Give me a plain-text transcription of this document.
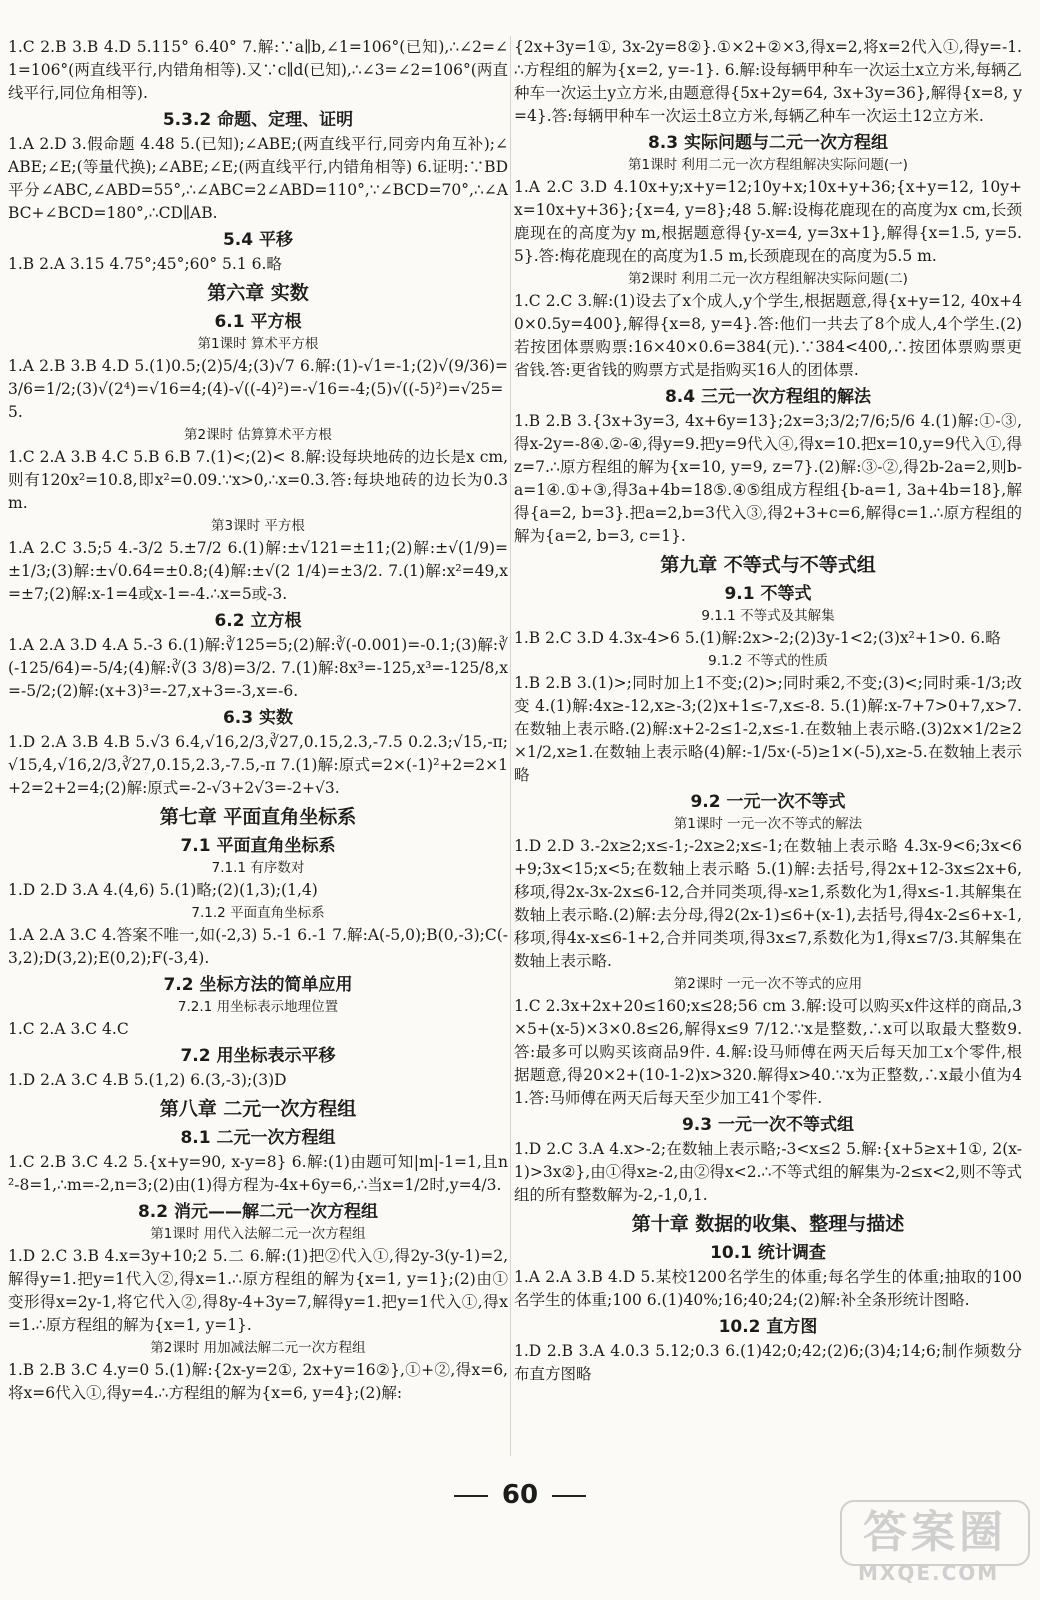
1.C 2.B 3.B 4.D 5.115° 6.40° 7.解:∵a∥b,∠1=106°(已知),∴∠2=∠1=106°(两直线平行,内错角相等).又∵c∥d(已知),∴∠3=∠2=106°(两直线平行,同位角相等).
5.3.2 命题、定理、证明
1.A 2.D 3.假命题 4.48 5.(已知);∠ABE;(两直线平行,同旁内角互补);∠ABE;∠E;(等量代换);∠ABE;∠E;(两直线平行,内错角相等) 6.证明:∵BD平分∠ABC,∠ABD=55°,∴∠ABC=2∠ABD=110°,∵∠BCD=70°,∴∠ABC+∠BCD=180°,∴CD∥AB.
5.4 平移
1.B 2.A 3.15 4.75°;45°;60° 5.1 6.略
第六章 实数
6.1 平方根
第1课时 算术平方根
1.A 2.B 3.B 4.D 5.(1)0.5;(2)5/4;(3)√7 6.解:(1)-√1=-1;(2)√(9/36)=3/6=1/2;(3)√(2⁴)=√16=4;(4)-√((-4)²)=-√16=-4;(5)√((-5)²)=√25=5.
第2课时 估算算术平方根
1.C 2.A 3.B 4.C 5.B 6.B 7.(1)<;(2)< 8.解:设每块地砖的边长是x cm,则有120x²=10.8,即x²=0.09.∵x>0,∴x=0.3.答:每块地砖的边长为0.3 m.
第3课时 平方根
1.A 2.C 3.5;5 4.-3/2 5.±7/2 6.(1)解:±√121=±11;(2)解:±√(1/9)=±1/3;(3)解:±√0.64=±0.8;(4)解:±√(2 1/4)=±3/2. 7.(1)解:x²=49,x=±7;(2)解:x-1=4或x-1=-4.∴x=5或-3.
6.2 立方根
1.A 2.A 3.D 4.A 5.-3 6.(1)解:∛125=5;(2)解:∛(-0.001)=-0.1;(3)解:∛(-125/64)=-5/4;(4)解:∛(3 3/8)=3/2. 7.(1)解:8x³=-125,x³=-125/8,x=-5/2;(2)解:(x+3)³=-27,x+3=-3,x=-6.
6.3 实数
1.D 2.A 3.B 4.B 5.√3 6.4,√16,2/3,∛27,0.15,2.3,-7.5 0.2.3;√15,-π;√15,4,√16,2/3,∛27,0.15,2.3,-7.5,-π 7.(1)解:原式=2×(-1)²+2=2×1+2=2+2=4;(2)解:原式=-2-√3+2√3=-2+√3.
第七章 平面直角坐标系
7.1 平面直角坐标系
7.1.1 有序数对
1.D 2.D 3.A 4.(4,6) 5.(1)略;(2)(1,3);(1,4)
7.1.2 平面直角坐标系
1.A 2.A 3.C 4.答案不唯一,如(-2,3) 5.-1 6.-1 7.解:A(-5,0);B(0,-3);C(-3,2);D(3,2);E(0,2);F(-3,4).
7.2 坐标方法的简单应用
7.2.1 用坐标表示地理位置
1.C 2.A 3.C 4.C
7.2 用坐标表示平移
1.D 2.A 3.C 4.B 5.(1,2) 6.(3,-3);(3)D
第八章 二元一次方程组
8.1 二元一次方程组
1.C 2.B 3.C 4.2 5.{x+y=90, x-y=8} 6.解:(1)由题可知|m|-1=1,且n²-8=1,∴m=-2,n=3;(2)由(1)得方程为-4x+6y=6,∴当x=1/2时,y=4/3.
8.2 消元——解二元一次方程组
第1课时 用代入法解二元一次方程组
1.D 2.C 3.B 4.x=3y+10;2 5.二 6.解:(1)把②代入①,得2y-3(y-1)=2,解得y=1.把y=1代入②,得x=1.∴原方程组的解为{x=1, y=1};(2)由①变形得x=2y-1,将它代入②,得8y-4+3y=7,解得y=1.把y=1代入①,得x=1.∴原方程组的解为{x=1, y=1}.
第2课时 用加减法解二元一次方程组
1.B 2.B 3.C 4.y=0 5.(1)解:{2x-y=2①, 2x+y=16②},①+②,得x=6,将x=6代入①,得y=4.∴方程组的解为{x=6, y=4};(2)解:
{2x+3y=1①, 3x-2y=8②}.①×2+②×3,得x=2,将x=2代入①,得y=-1.∴方程组的解为{x=2, y=-1}. 6.解:设每辆甲种车一次运土x立方米,每辆乙种车一次运土y立方米,由题意得{5x+2y=64, 3x+3y=36},解得{x=8, y=4}.答:每辆甲种车一次运土8立方米,每辆乙种车一次运土12立方米.
8.3 实际问题与二元一次方程组
第1课时 利用二元一次方程组解决实际问题(一)
1.A 2.C 3.D 4.10x+y;x+y=12;10y+x;10x+y+36;{x+y=12, 10y+x=10x+y+36};{x=4, y=8};48 5.解:设梅花鹿现在的高度为x cm,长颈鹿现在的高度为y m,根据题意得{y-x=4, y=3x+1},解得{x=1.5, y=5.5}.答:梅花鹿现在的高度为1.5 m,长颈鹿现在的高度为5.5 m.
第2课时 利用二元一次方程组解决实际问题(二)
1.C 2.C 3.解:(1)设去了x个成人,y个学生,根据题意,得{x+y=12, 40x+40×0.5y=400},解得{x=8, y=4}.答:他们一共去了8个成人,4个学生.(2)若按团体票购票:16×40×0.6=384(元).∵384<400,∴按团体票购票更省钱.答:更省钱的购票方式是指购买16人的团体票.
8.4 三元一次方程组的解法
1.B 2.B 3.{3x+3y=3, 4x+6y=13};2x=3;3/2;7/6;5/6 4.(1)解:①-③,得x-2y=-8④.②-④,得y=9.把y=9代入④,得x=10.把x=10,y=9代入①,得z=7.∴原方程组的解为{x=10, y=9, z=7}.(2)解:③-②,得2b-2a=2,则b-a=1④.①+③,得3a+4b=18⑤.④⑤组成方程组{b-a=1, 3a+4b=18},解得{a=2, b=3}.把a=2,b=3代入③,得2+3+c=6,解得c=1.∴原方程组的解为{a=2, b=3, c=1}.
第九章 不等式与不等式组
9.1 不等式
9.1.1 不等式及其解集
1.B 2.C 3.D 4.3x-4>6 5.(1)解:2x>-2;(2)3y-1<2;(3)x²+1>0. 6.略
9.1.2 不等式的性质
1.B 2.B 3.(1)>;同时加上1不变;(2)>;同时乘2,不变;(3)<;同时乘-1/3;改变 4.(1)解:4x≥-12,x≥-3;(2)x+1≤-7,x≤-8. 5.(1)解:x-7+7>0+7,x>7.在数轴上表示略.(2)解:x+2-2≤1-2,x≤-1.在数轴上表示略.(3)2x×1/2≥2×1/2,x≥1.在数轴上表示略(4)解:-1/5x·(-5)≥1×(-5),x≥-5.在数轴上表示略
9.2 一元一次不等式
第1课时 一元一次不等式的解法
1.D 2.D 3.-2x≥2;x≤-1;-2x≥2;x≤-1;在数轴上表示略 4.3x-9<6;3x<6+9;3x<15;x<5;在数轴上表示略 5.(1)解:去括号,得2x+12-3x≤2x+6,移项,得2x-3x-2x≤6-12,合并同类项,得-x≥1,系数化为1,得x≤-1.其解集在数轴上表示略.(2)解:去分母,得2(2x-1)≤6+(x-1),去括号,得4x-2≤6+x-1,移项,得4x-x≤6-1+2,合并同类项,得3x≤7,系数化为1,得x≤7/3.其解集在数轴上表示略.
第2课时 一元一次不等式的应用
1.C 2.3x+2x+20≤160;x≤28;56 cm 3.解:设可以购买x件这样的商品,3×5+(x-5)×3×0.8≤26,解得x≤9 7/12.∵x是整数,∴x可以取最大整数9.答:最多可以购买该商品9件. 4.解:设马师傅在两天后每天加工x个零件,根据题意,得20×2+(10-1-2)x>320.解得x>40.∵x为正整数,∴x最小值为41.答:马师傅在两天后每天至少加工41个零件.
9.3 一元一次不等式组
1.D 2.C 3.A 4.x>-2;在数轴上表示略;-3<x≤2 5.解:{x+5≥x+1①, 2(x-1)>3x②},由①得x≥-2,由②得x<2.∴不等式组的解集为-2≤x<2,则不等式组的所有整数解为-2,-1,0,1.
第十章 数据的收集、整理与描述
10.1 统计调查
1.A 2.A 3.B 4.D 5.某校1200名学生的体重;每名学生的体重;抽取的100名学生的体重;100 6.(1)40%;16;40;24;(2)解:补全条形统计图略.
10.2 直方图
1.D 2.B 3.A 4.0.3 5.12;0.3 6.(1)42;0;42;(2)6;(3)4;14;6;制作频数分布直方图略
60
答案圈
MXQE.COM
